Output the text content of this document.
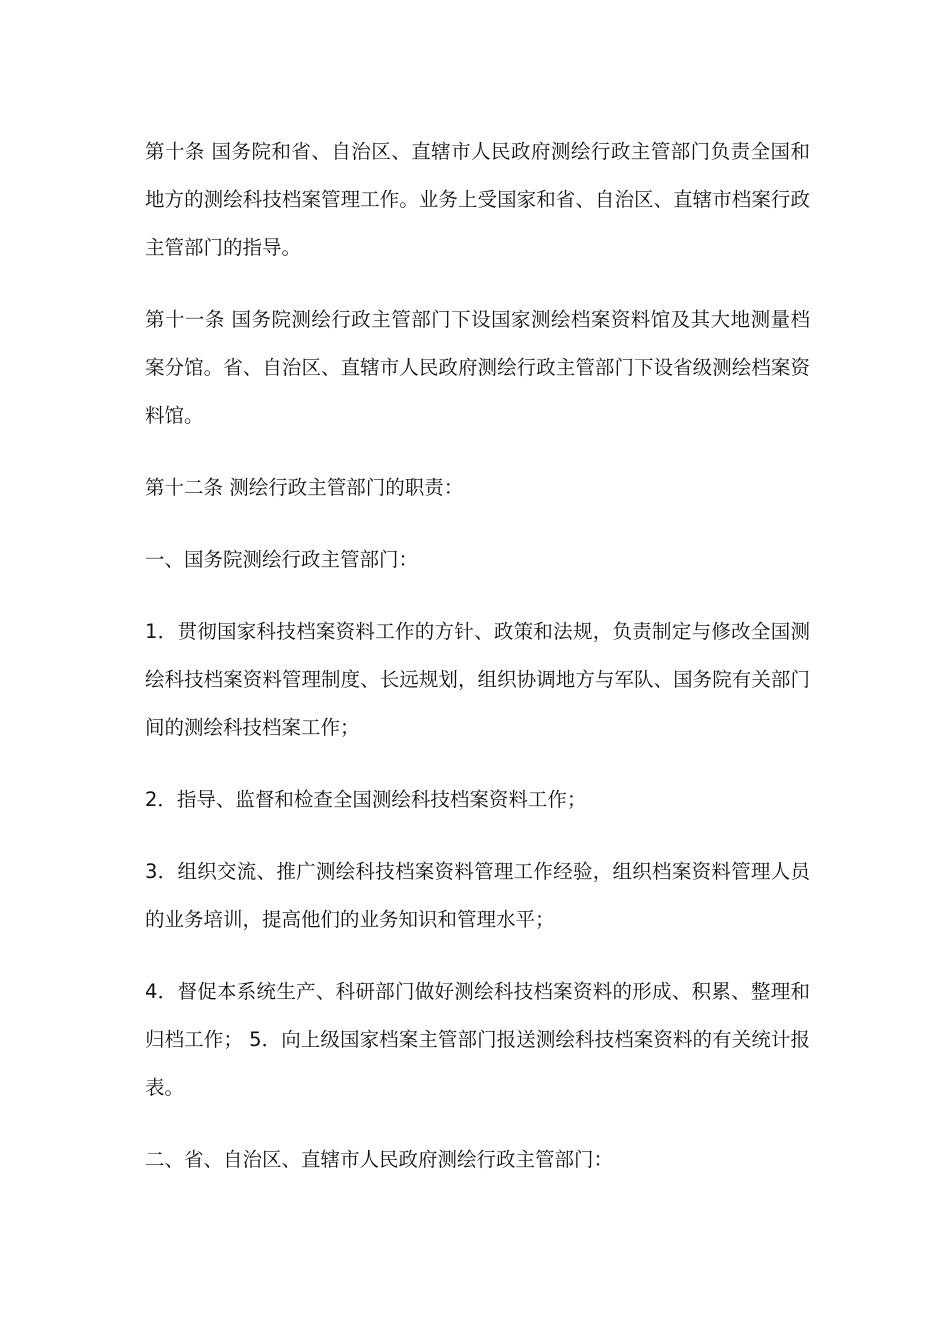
第十条 国务院和省、自治区、直辖市人民政府测绘行政主管部门负责全国和地方的测绘科技档案管理工作。业务上受国家和省、自治区、直辖市档案行政主管部门的指导。

第十一条 国务院测绘行政主管部门下设国家测绘档案资料馆及其大地测量档案分馆。省、自治区、直辖市人民政府测绘行政主管部门下设省级测绘档案资料馆。

第十二条 测绘行政主管部门的职责：

一、国务院测绘行政主管部门：

1．贯彻国家科技档案资料工作的方针、政策和法规，负责制定与修改全国测绘科技档案资料管理制度、长远规划，组织协调地方与军队、国务院有关部门间的测绘科技档案工作；

2．指导、监督和检查全国测绘科技档案资料工作；

3．组织交流、推广测绘科技档案资料管理工作经验，组织档案资料管理人员的业务培训，提高他们的业务知识和管理水平；

4．督促本系统生产、科研部门做好测绘科技档案资料的形成、积累、整理和归档工作； 5．向上级国家档案主管部门报送测绘科技档案资料的有关统计报表。

二、省、自治区、直辖市人民政府测绘行政主管部门：
